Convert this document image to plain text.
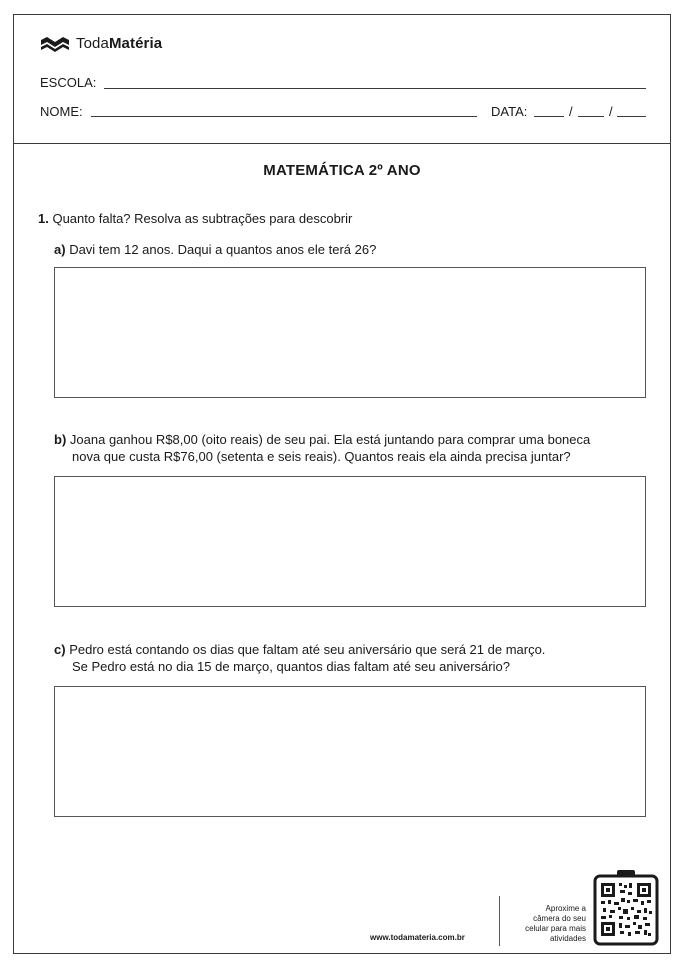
TodaMatéria
ESCOLA:
NOME:	DATA:	/	/
MATEMÁTICA 2º ANO
1. Quanto falta? Resolva as subtrações para descobrir
a) Davi tem 12 anos. Daqui a quantos anos ele terá 26?
b) Joana ganhou R$8,00 (oito reais) de seu pai. Ela está juntando para comprar uma boneca
nova que custa R$76,00 (setenta e seis reais). Quantos reais ela ainda precisa juntar?
c) Pedro está contando os dias que faltam até seu aniversário que será 21 de março.
Se Pedro está no dia 15 de março, quantos dias faltam até seu aniversário?
www.todamateria.com.br
Aproxime a
câmera do seu
celular para mais
atividades
